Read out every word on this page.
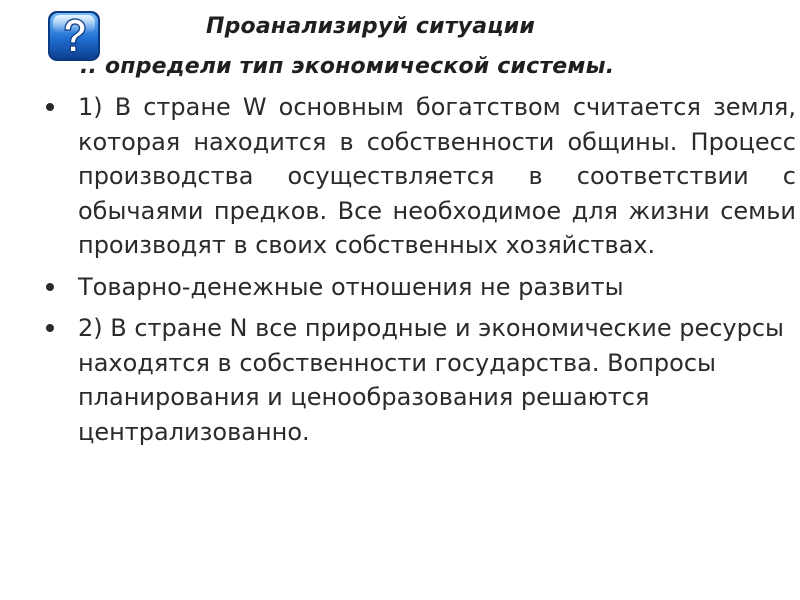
Проанализируй ситуации
.. определи тип экономической системы.
1) В стране W основным богатством считается земля, которая находится в собственности общины. Процесс производства осуществляется в соответствии с обычаями предков. Все необходимое для жизни семьи производят в своих собственных хозяйствах.
Товарно-денежные отношения не развиты
2) В стране N все природные и экономические ресурсы находятся в собственности государства. Вопросы планирования и ценообразования решаются централизованно.
